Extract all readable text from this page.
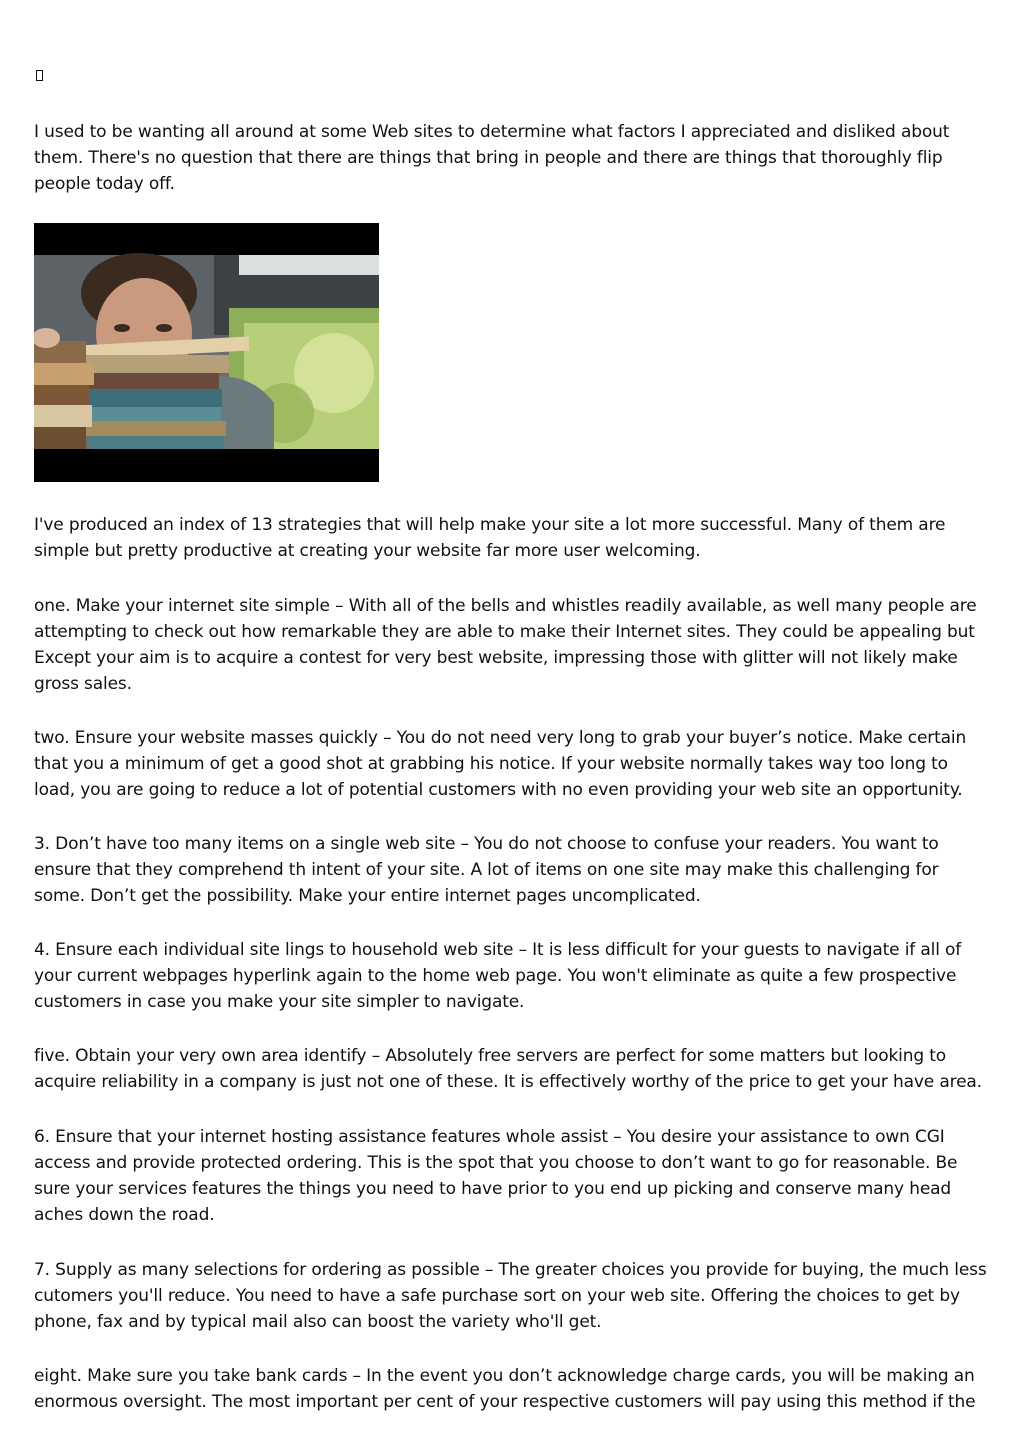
I used to be wanting all around at some Web sites to determine what factors I appreciated and disliked about them. There's no question that there are things that bring in people and there are things that thoroughly flip people today off.

I've produced an index of 13 strategies that will help make your site a lot more successful. Many of them are simple but pretty productive at creating your website far more user welcoming.

one. Make your internet site simple – With all of the bells and whistles readily available, as well many people are attempting to check out how remarkable they are able to make their Internet sites. They could be appealing but Except your aim is to acquire a contest for very best website, impressing those with glitter will not likely make gross sales.

two. Ensure your website masses quickly – You do not need very long to grab your buyer’s notice. Make certain that you a minimum of get a good shot at grabbing his notice. If your website normally takes way too long to load, you are going to reduce a lot of potential customers with no even providing your web site an opportunity.

3. Don’t have too many items on a single web site – You do not choose to confuse your readers. You want to ensure that they comprehend th intent of your site. A lot of items on one site may make this challenging for some. Don’t get the possibility. Make your entire internet pages uncomplicated.

4. Ensure each individual site lings to household web site – It is less difficult for your guests to navigate if all of your current webpages hyperlink again to the home web page. You won't eliminate as quite a few prospective customers in case you make your site simpler to navigate.

five. Obtain your very own area identify – Absolutely free servers are perfect for some matters but looking to acquire reliability in a company is just not one of these. It is effectively worthy of the price to get your have area.

6. Ensure that your internet hosting assistance features whole assist – You desire your assistance to own CGI access and provide protected ordering. This is the spot that you choose to don’t want to go for reasonable. Be sure your services features the things you need to have prior to you end up picking and conserve many head aches down the road.

7. Supply as many selections for ordering as possible – The greater choices you provide for buying, the much less cutomers you'll reduce. You need to have a safe purchase sort on your web site. Offering the choices to get by phone, fax and by typical mail also can boost the variety who'll get.

eight. Make sure you take bank cards – In the event you don’t acknowledge charge cards, you will be making an enormous oversight. The most important per cent of your respective customers will pay using this method if the
